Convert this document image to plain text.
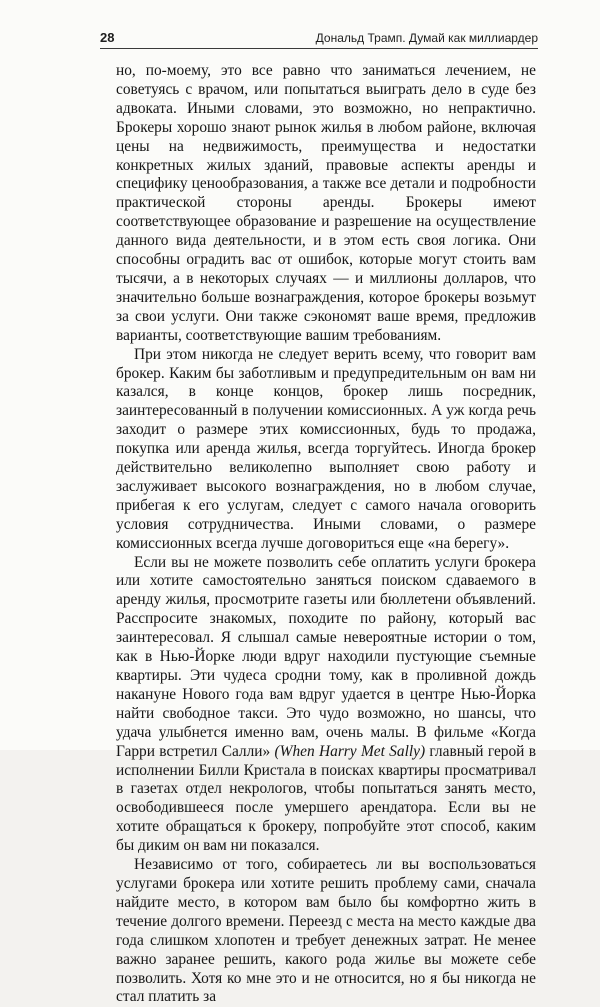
28	Дональд Трамп. Думай как миллиардер

но, по-моему, это все равно что заниматься лечением, не советуясь с врачом, или попытаться выиграть дело в суде без адвоката. Иными словами, это возможно, но непрактично. Брокеры хорошо знают рынок жилья в любом районе, включая цены на недвижимость, преимущества и недостатки конкретных жилых зданий, правовые аспекты аренды и специфику ценообразования, а также все детали и подробности практической стороны аренды. Брокеры имеют соответствующее образование и разрешение на осуществление данного вида деятельности, и в этом есть своя логика. Они способны оградить вас от ошибок, которые могут стоить вам тысячи, а в некоторых случаях — и миллионы долларов, что значительно больше вознаграждения, которое брокеры возьмут за свои услуги. Они также сэкономят ваше время, предложив варианты, соответствующие вашим требованиям.

При этом никогда не следует верить всему, что говорит вам брокер. Каким бы заботливым и предупредительным он вам ни казался, в конце концов, брокер лишь посредник, заинтересованный в получении комиссионных. А уж когда речь заходит о размере этих комиссионных, будь то продажа, покупка или аренда жилья, всегда торгуйтесь. Иногда брокер действительно великолепно выполняет свою работу и заслуживает высокого вознаграждения, но в любом случае, прибегая к его услугам, следует с самого начала оговорить условия сотрудничества. Иными словами, о размере комиссионных всегда лучше договориться еще «на берегу».

Если вы не можете позволить себе оплатить услуги брокера или хотите самостоятельно заняться поиском сдаваемого в аренду жилья, просмотрите газеты или бюллетени объявлений. Расспросите знакомых, походите по району, который вас заинтересовал. Я слышал самые невероятные истории о том, как в Нью-Йорке люди вдруг находили пустующие съемные квартиры. Эти чудеса сродни тому, как в проливной дождь накануне Нового года вам вдруг удается в центре Нью-Йорка найти свободное такси. Это чудо возможно, но шансы, что удача улыбнется именно вам, очень малы. В фильме «Когда Гарри встретил Салли» (When Harry Met Sally) главный герой в исполнении Билли Кристала в поисках квартиры просматривал в газетах отдел некрологов, чтобы попытаться занять место, освободившееся после умершего арендатора. Если вы не хотите обращаться к брокеру, попробуйте этот способ, каким бы диким он вам ни показался.

Независимо от того, собираетесь ли вы воспользоваться услугами брокера или хотите решить проблему сами, сначала найдите место, в котором вам было бы комфортно жить в течение долгого времени. Переезд с места на место каждые два года слишком хлопотен и требует денежных затрат. Не менее важно заранее решить, какого рода жилье вы можете себе позволить. Хотя ко мне это и не относится, но я бы никогда не стал платить за
